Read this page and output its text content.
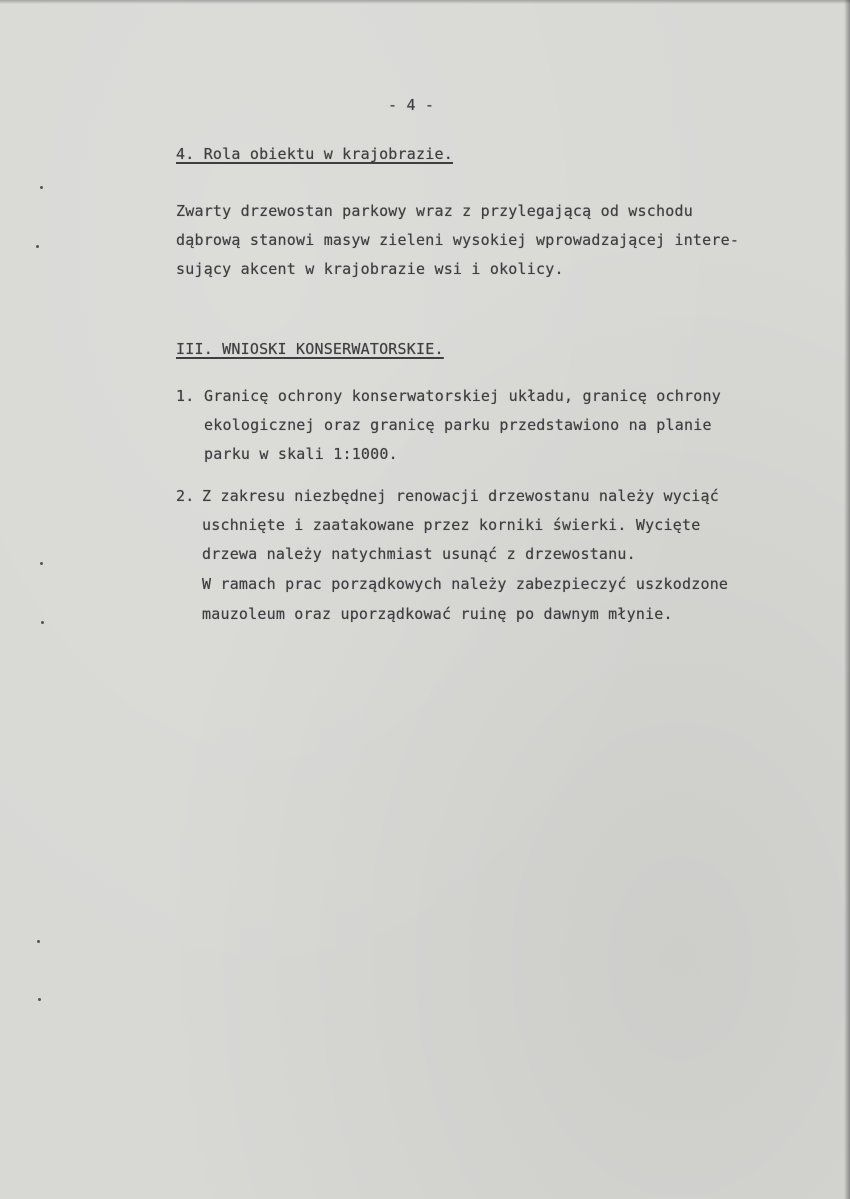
- 4 -
4. Rola obiektu w krajobrazie.
Zwarty drzewostan parkowy wraz z przylegającą od wschodu
dąbrową stanowi masyw zieleni wysokiej wprowadzającej intere-
sujący akcent w krajobrazie wsi i okolicy.
III. WNIOSKI KONSERWATORSKIE.
1. Granicę ochrony konserwatorskiej układu, granicę ochrony
ekologicznej oraz granicę parku przedstawiono na planie
parku w skali 1:1000.
2. Z zakresu niezbędnej renowacji drzewostanu należy wyciąć
uschnięte i zaatakowane przez korniki świerki. Wycięte
drzewa należy natychmiast usunąć z drzewostanu.
W ramach prac porządkowych należy zabezpieczyć uszkodzone
mauzoleum oraz uporządkować ruinę po dawnym młynie.
